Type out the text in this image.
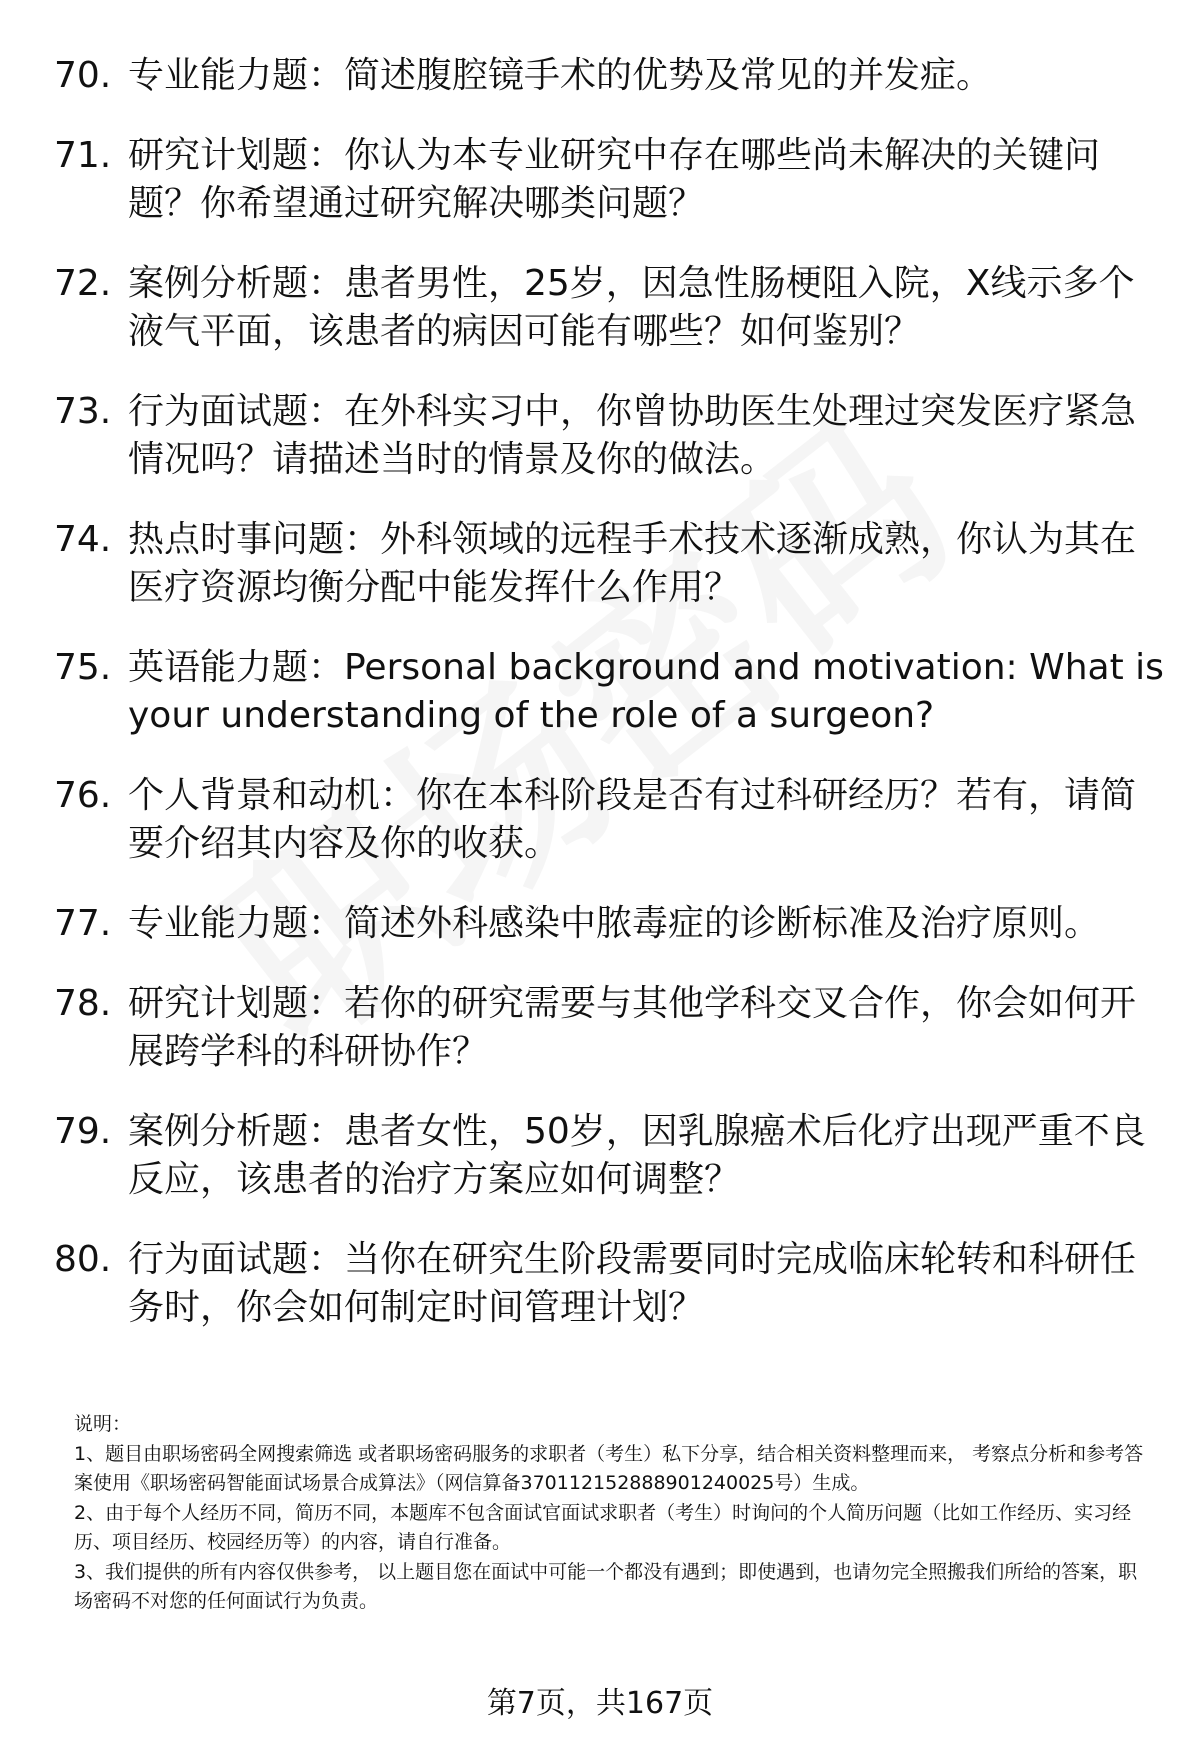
70. 专业能力题：简述腹腔镜手术的优势及常见的并发症。
71. 研究计划题：你认为本专业研究中存在哪些尚未解决的关键问题？你希望通过研究解决哪类问题？
72. 案例分析题：患者男性，25岁，因急性肠梗阻入院，X线示多个液气平面，该患者的病因可能有哪些？如何鉴别？
73. 行为面试题：在外科实习中，你曾协助医生处理过突发医疗紧急情况吗？请描述当时的情景及你的做法。
74. 热点时事问题：外科领域的远程手术技术逐渐成熟，你认为其在医疗资源均衡分配中能发挥什么作用？
75. 英语能力题：Personal background and motivation: What is your understanding of the role of a surgeon?
76. 个人背景和动机：你在本科阶段是否有过科研经历？若有，请简要介绍其内容及你的收获。
77. 专业能力题：简述外科感染中脓毒症的诊断标准及治疗原则。
78. 研究计划题：若你的研究需要与其他学科交叉合作，你会如何开展跨学科的科研协作？
79. 案例分析题：患者女性，50岁，因乳腺癌术后化疗出现严重不良反应，该患者的治疗方案应如何调整？
80. 行为面试题：当你在研究生阶段需要同时完成临床轮转和科研任务时，你会如何制定时间管理计划？

说明：

1、题目由职场密码全网搜索筛选 或者职场密码服务的求职者（考生）私下分享，结合相关资料整理而来， 考察点分析和参考答案使用《职场密码智能面试场景合成算法》（网信算备370112152888901240025号）生成。

2、由于每个人经历不同，简历不同，本题库不包含面试官面试求职者（考生）时询问的个人简历问题（比如工作经历、实习经历、项目经历、校园经历等）的内容，请自行准备。

3、我们提供的所有内容仅供参考， 以上题目您在面试中可能一个都没有遇到；即使遇到，也请勿完全照搬我们所给的答案，职场密码不对您的任何面试行为负责。

第7页，共167页
